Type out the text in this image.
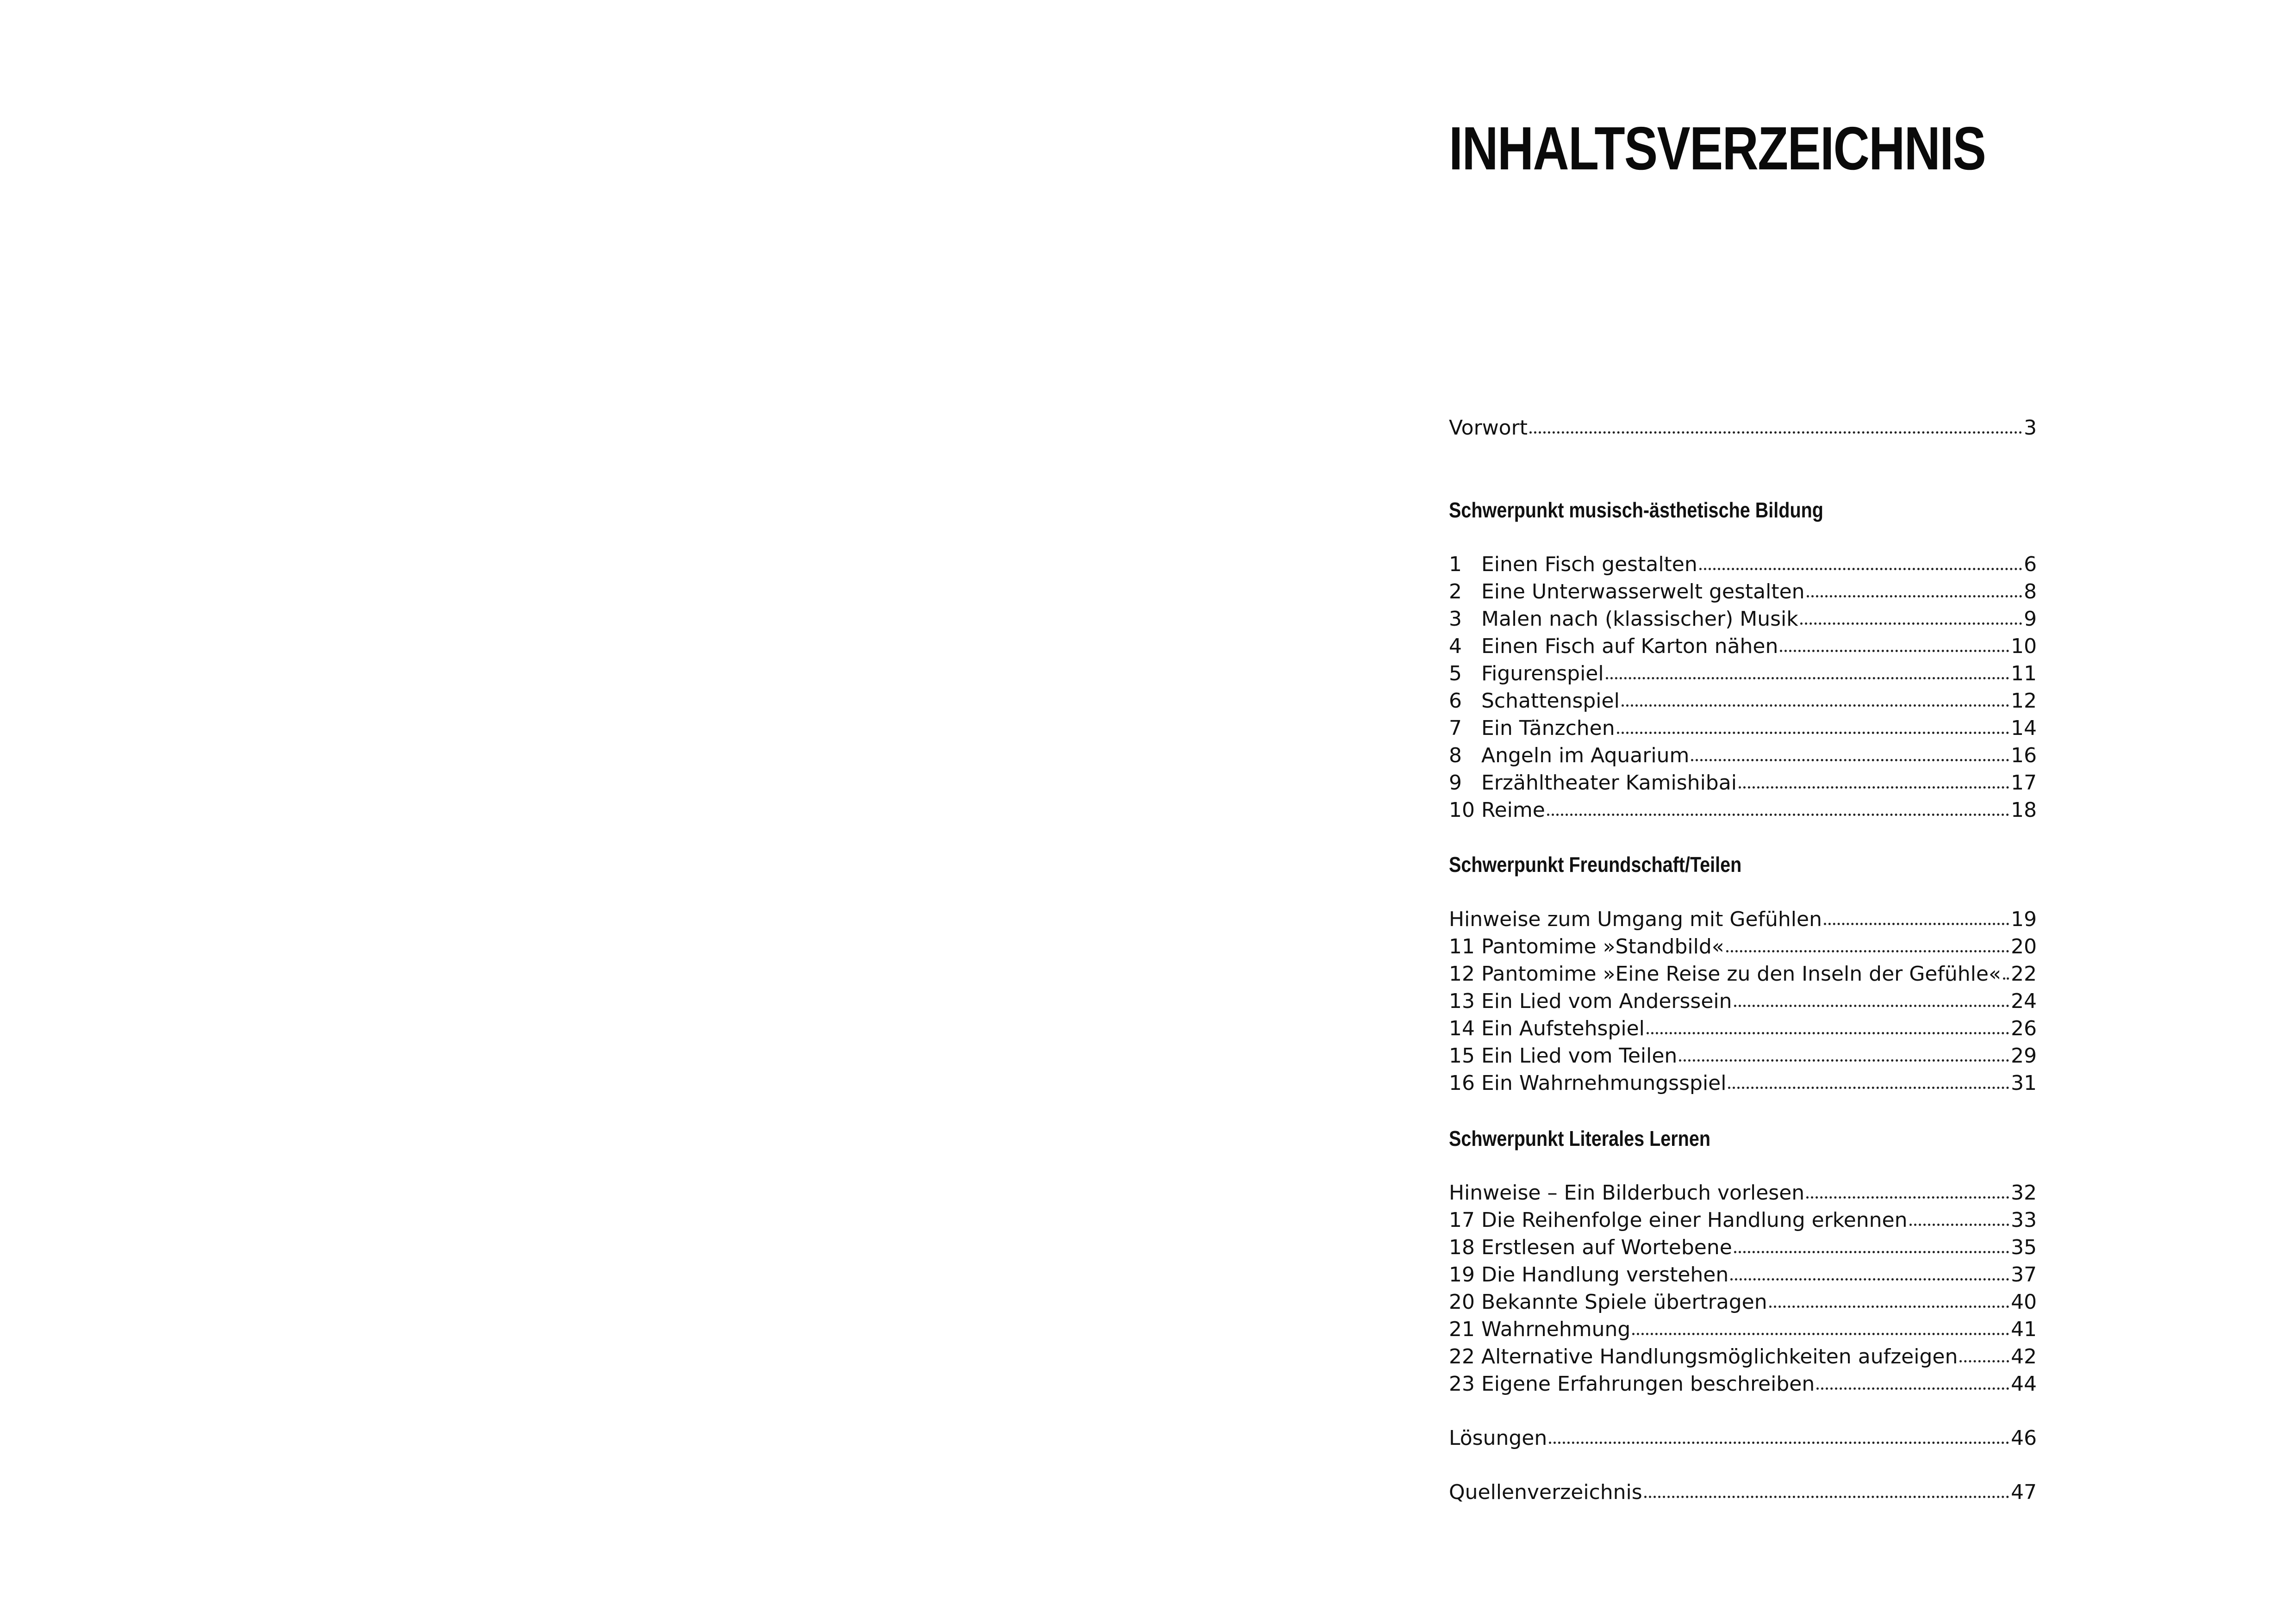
INHALTSVERZEICHNIS
Vorwort	3
Schwerpunkt musisch-ästhetische Bildung
1 Einen Fisch gestalten	6
2 Eine Unterwasserwelt gestalten	8
3 Malen nach (klassischer) Musik	9
4 Einen Fisch auf Karton nähen	10
5 Figurenspiel	11
6 Schattenspiel	12
7 Ein Tänzchen	14
8 Angeln im Aquarium	16
9 Erzähltheater Kamishibai	17
10 Reime	18
Schwerpunkt Freundschaft/Teilen
Hinweise zum Umgang mit Gefühlen	19
11 Pantomime »Standbild«	20
12 Pantomime »Eine Reise zu den Inseln der Gefühle« 22
13 Ein Lied vom Anderssein	24
14 Ein Aufstehspiel	26
15 Ein Lied vom Teilen	29
16 Ein Wahrnehmungsspiel	31
Schwerpunkt Literales Lernen
Hinweise – Ein Bilderbuch vorlesen	32
17 Die Reihenfolge einer Handlung erkennen	33
18 Erstlesen auf Wortebene	35
19 Die Handlung verstehen	37
20 Bekannte Spiele übertragen	40
21 Wahrnehmung	41
22 Alternative Handlungsmöglichkeiten aufzeigen	42
23 Eigene Erfahrungen beschreiben	44
Lösungen	46
Quellenverzeichnis	47
